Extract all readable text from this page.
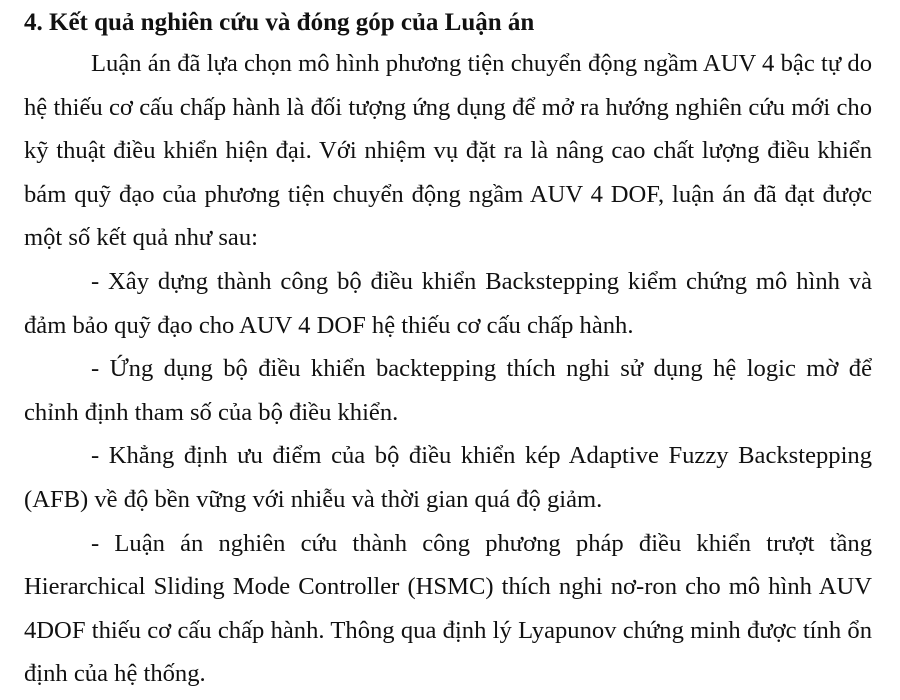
4. Kết quả nghiên cứu và đóng góp của Luận án

Luận án đã lựa chọn mô hình phương tiện chuyển động ngầm AUV 4 bậc tự do hệ thiếu cơ cấu chấp hành là đối tượng ứng dụng để mở ra hướng nghiên cứu mới cho kỹ thuật điều khiển hiện đại. Với nhiệm vụ đặt ra là nâng cao chất lượng điều khiển bám quỹ đạo của phương tiện chuyển động ngầm AUV 4 DOF, luận án đã đạt được một số kết quả như sau:

- Xây dựng thành công bộ điều khiển Backstepping kiểm chứng mô hình và đảm bảo quỹ đạo cho AUV 4 DOF hệ thiếu cơ cấu chấp hành.

- Ứng dụng bộ điều khiển backtepping thích nghi sử dụng hệ logic mờ để chỉnh định tham số của bộ điều khiển.

- Khẳng định ưu điểm của bộ điều khiển kép Adaptive Fuzzy Backstepping (AFB) về độ bền vững với nhiễu và thời gian quá độ giảm.

- Luận án nghiên cứu thành công phương pháp điều khiển trượt tầng Hierarchical Sliding Mode Controller (HSMC) thích nghi nơ-ron cho mô hình AUV 4DOF thiếu cơ cấu chấp hành. Thông qua định lý Lyapunov chứng minh được tính ổn định của hệ thống.
